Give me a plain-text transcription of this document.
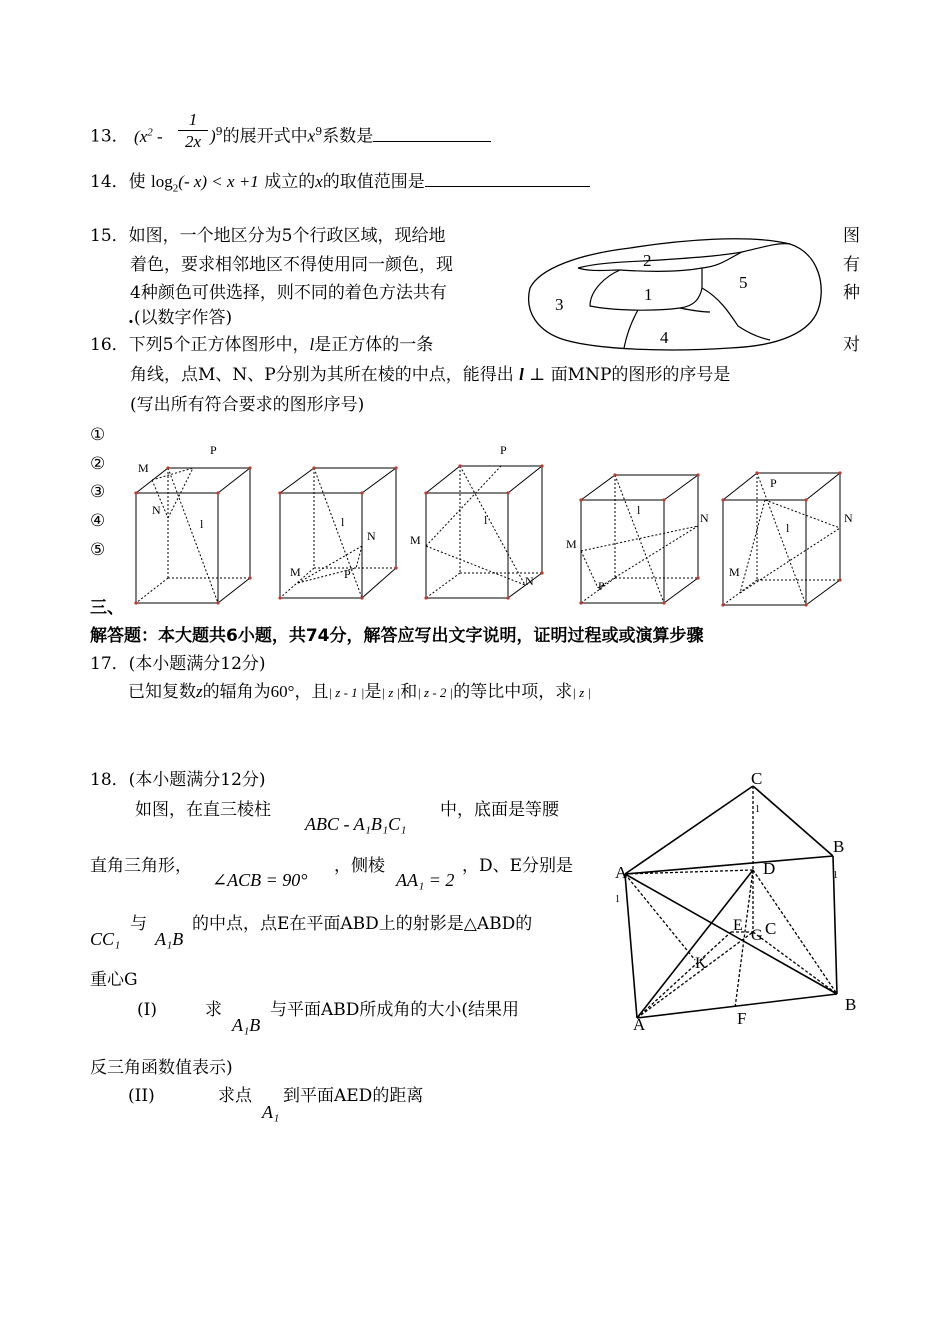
13． $(x^2 - \frac{1}{2x} )^9$的展开式中$x^9$系数是
14．使 $\log_2(-$ x) < x +1 成立的x的取值范围是
15．如图，一个地区分为5个行政区域，现给地	图
着色，要求相邻地区不得使用同一颜色，现	有
4种颜色可供选择，则不同的着色方法共有	种
.(以数字作答)
2
1
3
5
4
16．下列5个正方体图形中，l是正方体的一条	对
角线，点M、N、P分别为其所在棱的中点，能得出 l ⊥ 面MNP的图形的序号是
(写出所有符合要求的图形序号)
①
②
③
④
⑤
M
P
N
l	l
N
M	P
P
l
M
N
l
N
M
P
P
l
N
M
三、
解答题：本大题共6小题，共74分，解答应写出文字说明，证明过程或或演算步骤
17．(本小题满分12分)
已知复数z的辐角为60°，且| z - 1 |是| z |和| z - 2 |的等比中项，求| z |
18．(本小题满分12分)
如图，在直三棱柱
ABC - A₁B₁C₁
中，底面是等腰
直角三角形，
∠ACB = 90°
，侧棱
AA₁ = 2
，D、E分别是
CC₁
与
A₁B
的中点，点E在平面ABD上的射影是△ABD的
重心G
(I)	求
A₁B
与平面ABD所成角的大小(结果用
反三角函数值表示)
(II)	求点
A₁
到平面AED的距离
C
1
B
1
A
1
D
E
G C
K
A	F
B
